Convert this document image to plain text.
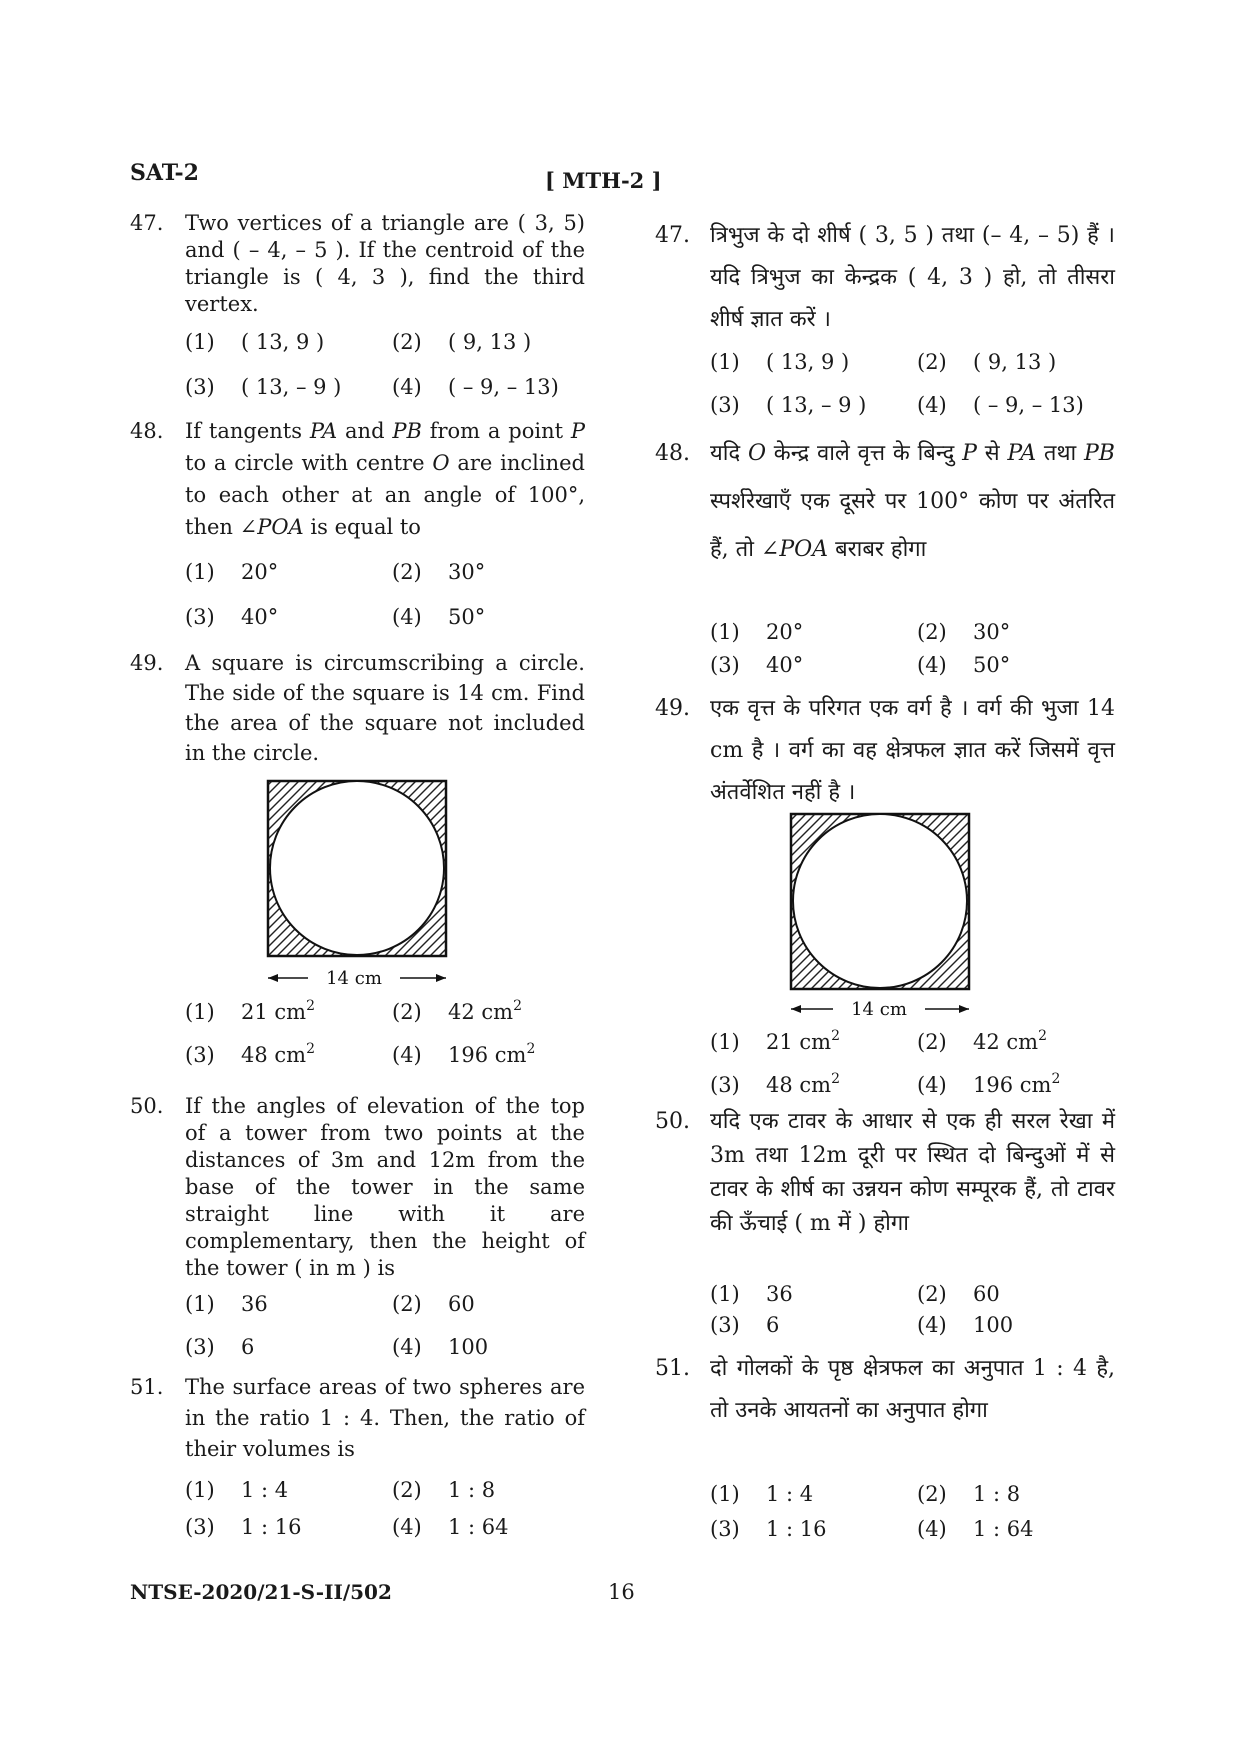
SAT-2	[ MTH-2 ]
47. Two vertices of a triangle are ( 3, 5) and ( – 4, – 5 ). If the centroid of the triangle is ( 4, 3 ), find the third vertex.
(1) ( 13, 9 )	(2) ( 9, 13 )
(3) ( 13, – 9 ) (4) ( – 9, – 13)
48. If tangents PA and PB from a point P to a circle with centre O are inclined to each other at an angle of 100°, then ∠POA is equal to
(1) 20°	(2) 30°
(3) 40°	(4) 50°
49. A square is circumscribing a circle. The side of the square is 14 cm. Find the area of the square not included in the circle.
14 cm
(1) 21 $cm^2$	(2) 42 $cm^2$
(3) 48 $cm^2$	(4) 196 $cm^2$
50. If the angles of elevation of the top of a tower from two points at the distances of 3m and 12m from the base of the tower in the same straight line with it are complementary, then the height of the tower ( in m ) is
(1) 36	(2) 60
(3) 6	(4) 100
51. The surface areas of two spheres are in the ratio 1 : 4. Then, the ratio of their volumes is
(1) 1 : 4	(2) 1 : 8
(3) 1 : 16	(4) 1 : 64
47. त्रिभुज के दो शीर्ष ( 3, 5 ) तथा (– 4, – 5) हैं । यदि त्रिभुज का केन्द्रक ( 4, 3 ) हो, तो तीसरा शीर्ष ज्ञात करें ।
(1) ( 13, 9 )	(2) ( 9, 13 )
(3) ( 13, – 9 ) (4) ( – 9, – 13)
48. यदि O केन्द्र वाले वृत्त के बिन्दु P से PA तथा PB स्पर्शरेखाएँ एक दूसरे पर 100° कोण पर अंतरित हैं, तो ∠POA बराबर होगा
(1) 20°	(2) 30°
(3) 40°	(4) 50°
49. एक वृत्त के परिगत एक वर्ग है । वर्ग की भुजा 14 cm है । वर्ग का वह क्षेत्रफल ज्ञात करें जिसमें वृत्त अंतर्वेशित नहीं है ।
14 cm
(1) 21 $cm^2$	(2) 42 $cm^2$
(3) 48 $cm^2$	(4) 196 $cm^2$
50. यदि एक टावर के आधार से एक ही सरल रेखा में 3m तथा 12m दूरी पर स्थित दो बिन्दुओं में से टावर के शीर्ष का उन्नयन कोण सम्पूरक हैं, तो टावर की ऊँचाई ( m में ) होगा
(1) 36	(2) 60
(3) 6	(4) 100
51. दो गोलकों के पृष्ठ क्षेत्रफल का अनुपात 1 : 4 है, तो उनके आयतनों का अनुपात होगा
(1) 1 : 4	(2) 1 : 8
(3) 1 : 16	(4) 1 : 64
NTSE-2020/21-S-II/502	16
